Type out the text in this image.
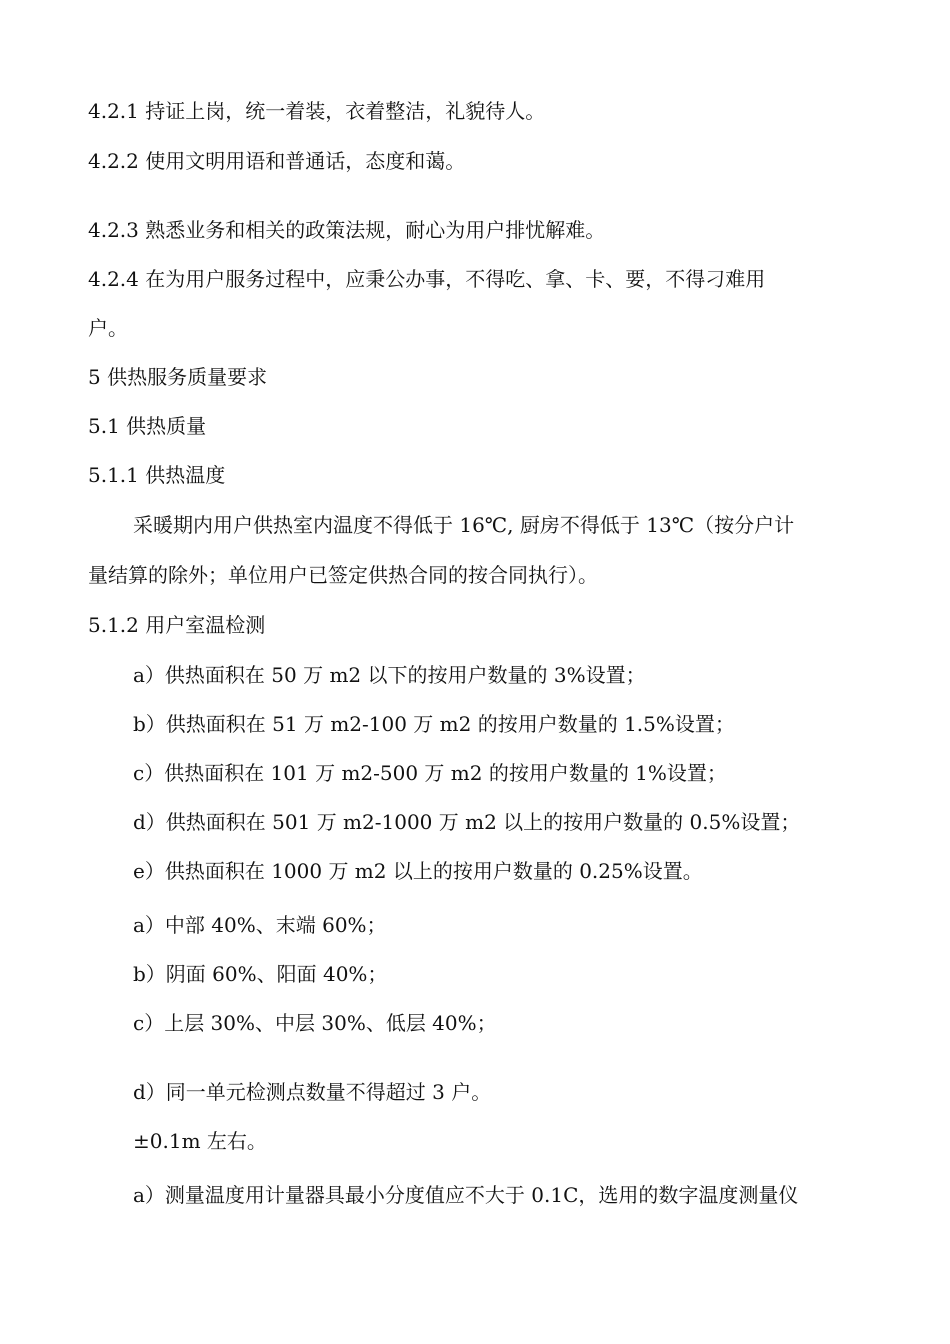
4.2.1 持证上岗，统一着装，衣着整洁，礼貌待人。
4.2.2 使用文明用语和普通话，态度和蔼。
4.2.3 熟悉业务和相关的政策法规，耐心为用户排忧解难。
4.2.4 在为用户服务过程中，应秉公办事，不得吃、拿、卡、要，不得刁难用
户。
5 供热服务质量要求
5.1 供热质量
5.1.1 供热温度
采暖期内用户供热室内温度不得低于 16℃, 厨房不得低于 13℃（按分户计
量结算的除外；单位用户已签定供热合同的按合同执行）。
5.1.2 用户室温检测
a）供热面积在 50 万 m2 以下的按用户数量的 3%设置；
b）供热面积在 51 万 m2-100 万 m2 的按用户数量的 1.5%设置；
c）供热面积在 101 万 m2-500 万 m2 的按用户数量的 1%设置；
d）供热面积在 501 万 m2-1000 万 m2 以上的按用户数量的 0.5%设置；
e）供热面积在 1000 万 m2 以上的按用户数量的 0.25%设置。
a）中部 40%、末端 60%；
b）阴面 60%、阳面 40%；
c）上层 30%、中层 30%、低层 40%；
d）同一单元检测点数量不得超过 3 户。
±0.1m 左右。
a）测量温度用计量器具最小分度值应不大于 0.1C，选用的数字温度测量仪
